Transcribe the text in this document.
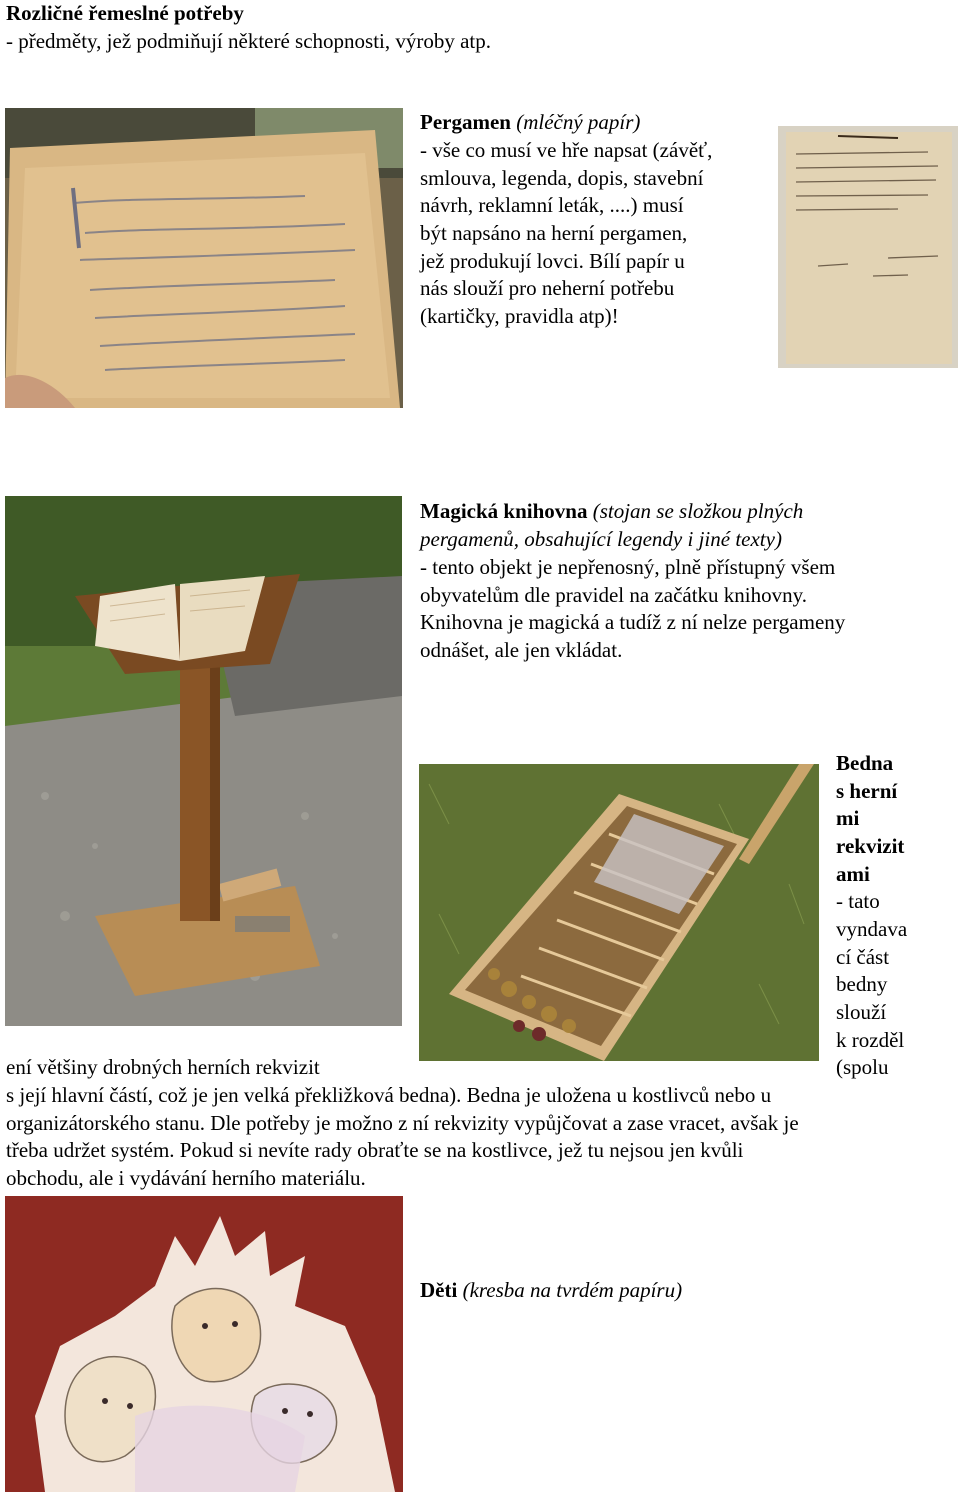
Rozličné řemeslné potřeby
- předměty, jež podmiňují některé schopnosti, výroby atp.
Pergamen (mléčný papír)
- vše co musí ve hře napsat (závěť,
smlouva, legenda, dopis, stavební
návrh, reklamní leták, ....) musí
být napsáno na herní pergamen,
jež produkují lovci. Bílí papír u
nás slouží pro neherní potřebu
(kartičky, pravidla atp)!
Magická knihovna (stojan se složkou plných
pergamenů, obsahující legendy i jiné texty)
- tento objekt je nepřenosný, plně přístupný všem
obyvatelům dle pravidel na začátku knihovny.
Knihovna je magická a tudíž z ní nelze pergameny
odnášet, ale jen vkládat.
Bedna
s herní
mi
rekvizit
ami
- tato
vyndava
cí část
bedny
slouží
k rozděl
ení většiny drobných herních rekvizit	(spolu
s její hlavní částí, což je jen velká překližková bedna). Bedna je uložena u kostlivců nebo u
organizátorského stanu. Dle potřeby je možno z ní rekvizity vypůjčovat a zase vracet, avšak je
třeba udržet systém. Pokud si nevíte rady obraťte se na kostlivce, jež tu nejsou jen kvůli
obchodu, ale i vydávání herního materiálu.
Děti (kresba na tvrdém papíru)
